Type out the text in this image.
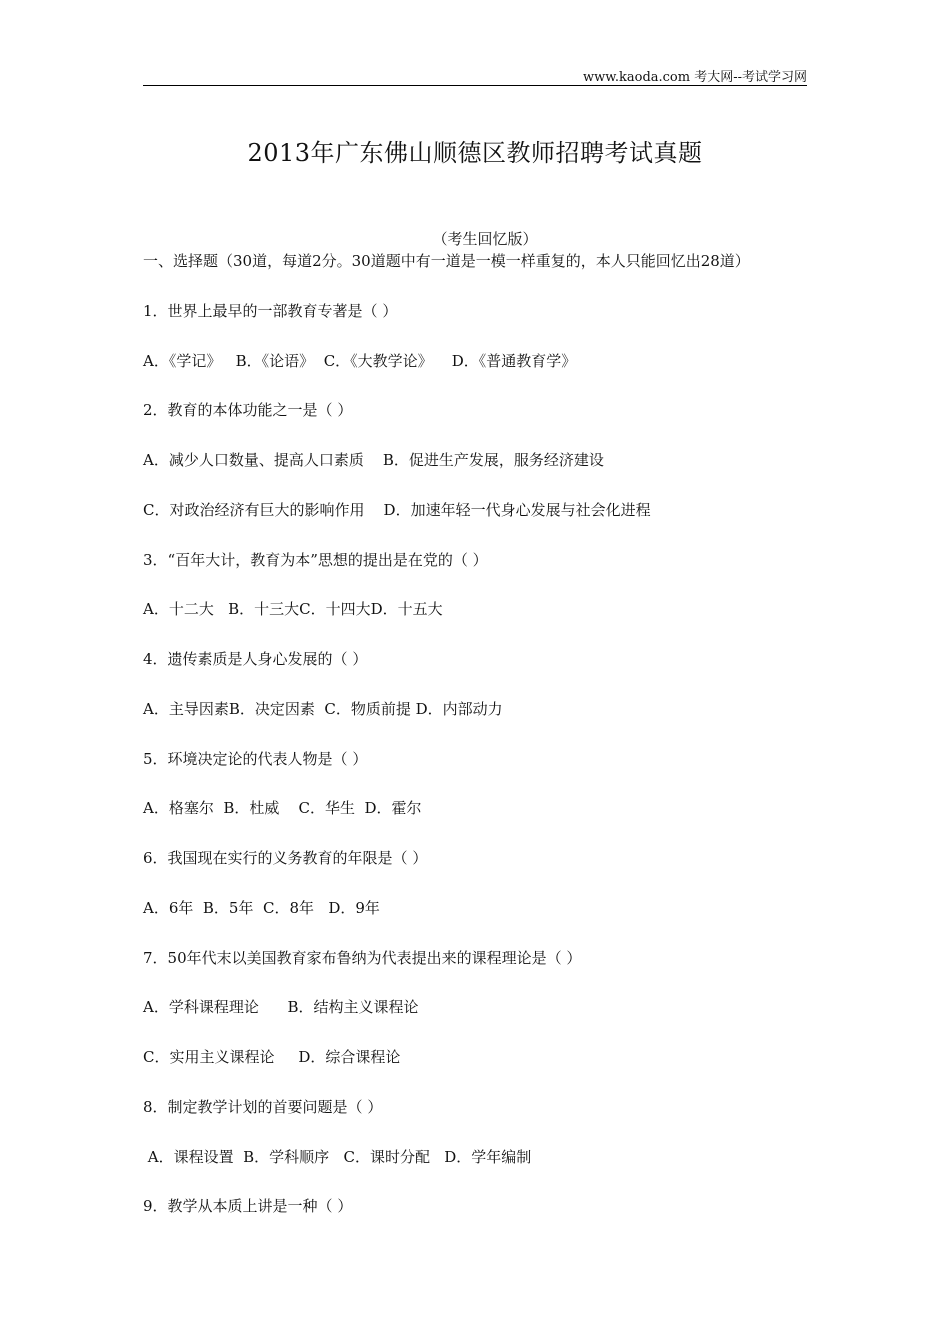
www.kaoda.com 考大网--考试学习网
2013年广东佛山顺德区教师招聘考试真题
（考生回忆版）
一、选择题（30道，每道2分。30道题中有一道是一模一样重复的，本人只能回忆出28道）
1．世界上最早的一部教育专著是（ ）
A．《学记》   B．《论语》  C．《大教学论》    D．《普通教育学》
2．教育的本体功能之一是（ ）
A．减少人口数量、提高人口素质    B．促进生产发展，服务经济建设
C．对政治经济有巨大的影响作用    D．加速年轻一代身心发展与社会化进程
3．“百年大计，教育为本”思想的提出是在党的（ ）
A．十二大   B．十三大C．十四大D．十五大
4．遗传素质是人身心发展的（ ）
A．主导因素B．决定因素  C．物质前提 D．内部动力
5．环境决定论的代表人物是（ ）
A．格塞尔  B．杜威    C．华生  D．霍尔
6．我国现在实行的义务教育的年限是（ ）
A．6年  B．5年  C．8年   D．9年
7．50年代末以美国教育家布鲁纳为代表提出来的课程理论是（ ）
A．学科课程理论      B．结构主义课程论
C．实用主义课程论     D．综合课程论
8．制定教学计划的首要问题是（ ）
A．课程设置  B．学科顺序   C．课时分配   D．学年编制
9．教学从本质上讲是一种（ ）
